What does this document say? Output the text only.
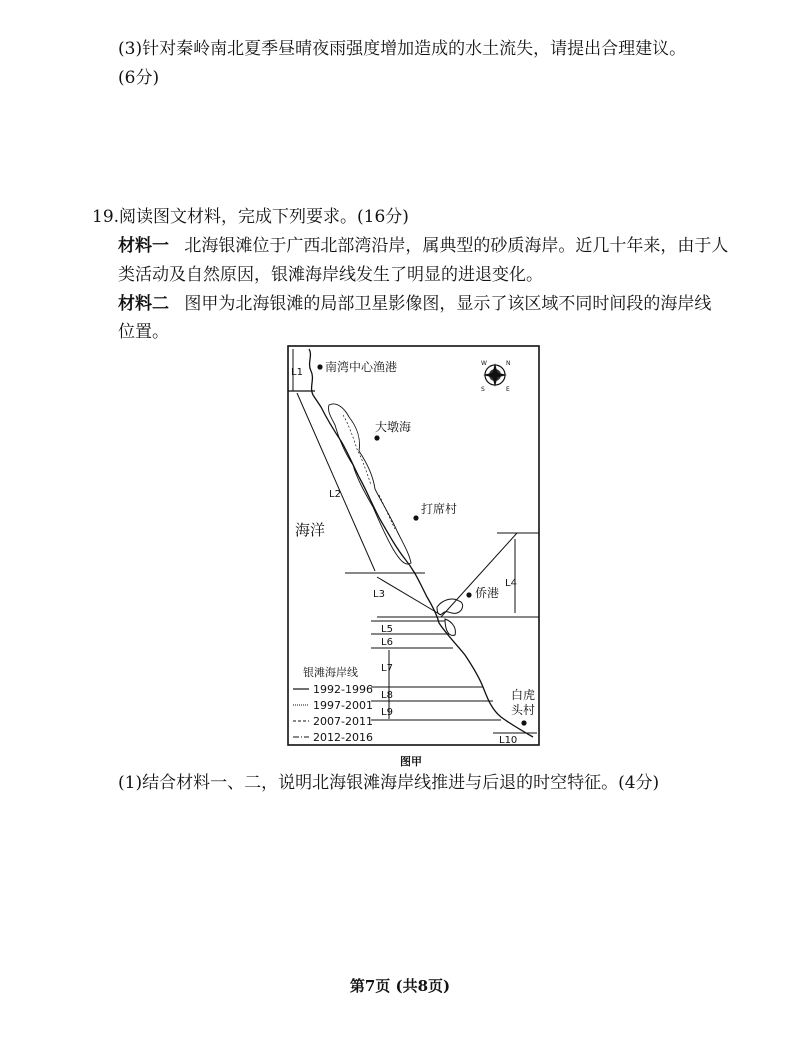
(3)针对秦岭南北夏季昼晴夜雨强度增加造成的水土流失，请提出合理建议。
(6分)
19.阅读图文材料，完成下列要求。(16分)
材料一 北海银滩位于广西北部湾沿岸，属典型的砂质海岸。近几十年来，由于人
类活动及自然原因，银滩海岸线发生了明显的进退变化。
材料二 图甲为北海银滩的局部卫星影像图，显示了该区域不同时间段的海岸线
位置。
L1
L2
L3
L4
L5
L6
L7
L8
L9
L10
W	N
S	E
南湾中心渔港
大墩海
打席村
侨港
白虎
头村
海洋
银滩海岸线
1992-1996
1997-2001
2007-2011
2012-2016
图甲
(1)结合材料一、二，说明北海银滩海岸线推进与后退的时空特征。(4分)
第7页 (共8页)
